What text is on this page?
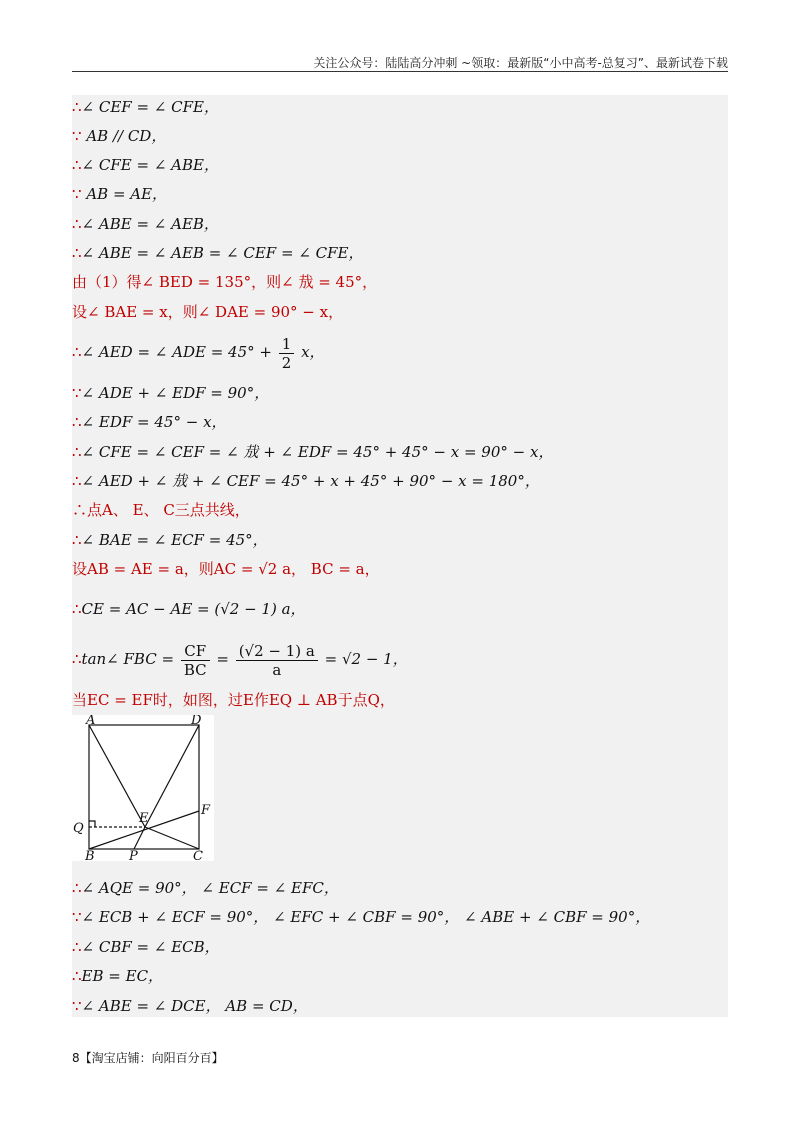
关注公众号：陆陆高分冲刺 ~领取：最新版“小中高考-总复习”、最新试卷下载
∴∠ CEF = ∠ CFE，
∵ AB // CD，
∴∠ CFE = ∠ ABE，
∵ AB = AE，
∴∠ ABE = ∠ AEB，
∴∠ ABE = ∠ AEB = ∠ CEF = ∠ CFE，
由（1）得∠ BED = 135°，则∠ 㦲 = 45°，
设∠ BAE = x，则∠ DAE = 90° − x，
∴∠ AED = ∠ ADE = $45^\circ + \frac{1}{2}$ x，
∵∠ ADE + ∠ EDF = 90°，
∴∠ EDF = 45° − x，
∴∠ CFE = ∠ CEF = ∠ 㦲 + ∠ EDF = 45° + 45° − x = 90° − x，
∴∠ AED + ∠ 㦲 + ∠ CEF = 45° + x + 45° + 90° − x = 180°，
∴点A、 E、 C三点共线，
∴∠ BAE = ∠ ECF = 45°，
设AB = AE = a，则AC = √2 a， BC = a，
∴CE = AC − AE = (√2 − 1) a，
∴tan∠ FBC = $\frac{CF}{BC} = \frac{(√2 - 1) a}{a} = √2 - 1$，
当EC = EF时，如图，过E作EQ ⊥ AB于点Q，
A	D
B	C
E
F
Q
P
∴∠ AQE = 90°， ∠ ECF = ∠ EFC，
∵∠ ECB + ∠ ECF = 90°， ∠ EFC + ∠ CBF = 90°， ∠ ABE + ∠ CBF = 90°，
∴∠ CBF = ∠ ECB，
∴EB = EC，
∵∠ ABE = ∠ DCE， AB = CD，
8【淘宝店铺：向阳百分百】
